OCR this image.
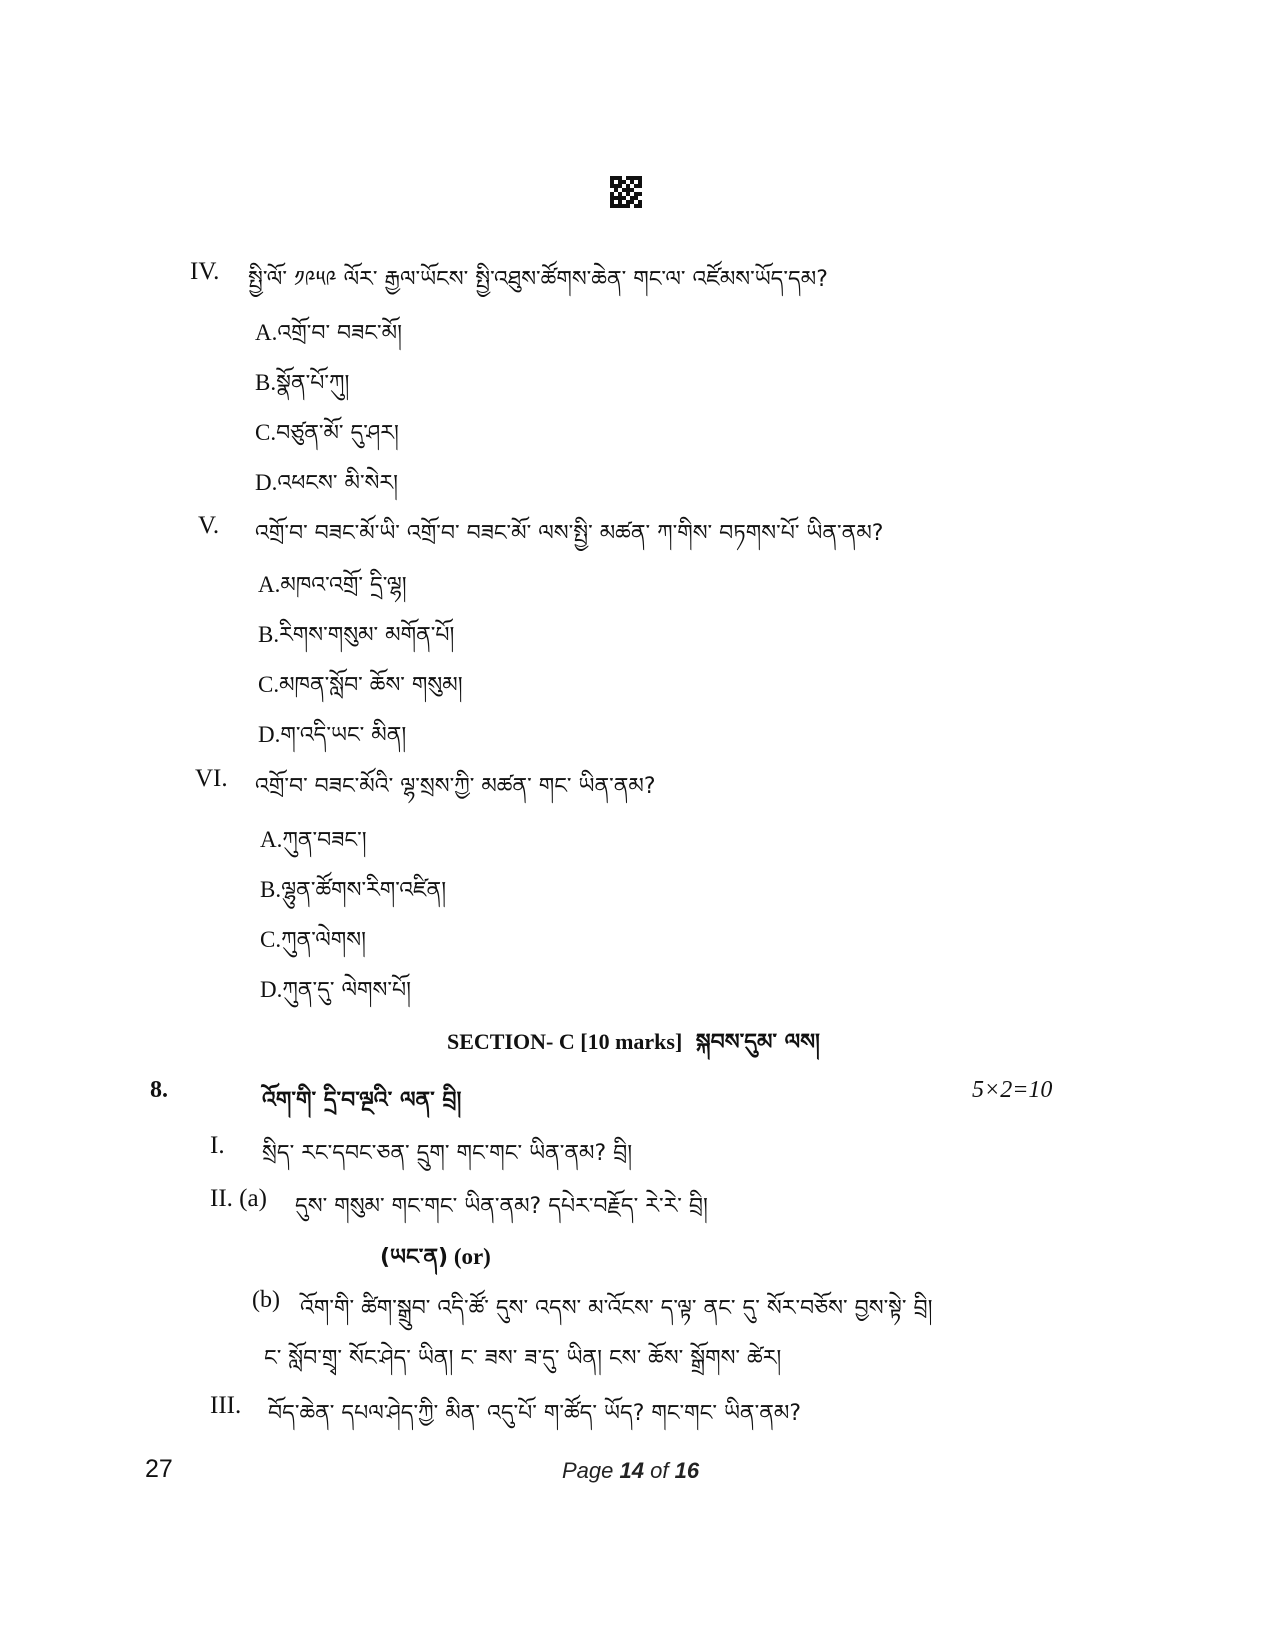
IV. སྤྱི་ལོ་ ༡༩༥༩ ལོར་ རྒྱལ་ཡོངས་ སྤྱི་འཐུས་ཚོགས་ཆེན་ གང་ལ་ འཛོམས་ཡོད་དམ?
A.འགྲོ་བ་ བཟང་མོ།
B.སྣོན་པོ་ཀུ།
C.བཙུན་མོ་ དུ་ཤར།
D.འཕངས་ མི་སེར།
V. འགྲོ་བ་ བཟང་མོ་ཡི་ འགྲོ་བ་ བཟང་མོ་ ལས་སྤྱི་ མཚན་ ཀ་གིས་ བཏགས་པོ་ ཡིན་ནམ?
A.མཁའ་འགྲོ་ དྲི་ལྷ།
B.རིགས་གསུམ་ མགོན་པོ།
C.མཁན་སློབ་ ཆོས་ གསུམ།
D.ག་འདི་ཡང་ མིན།
VI. འགྲོ་བ་ བཟང་མོའི་ ལྷ་སྲས་ཀྱི་ མཚན་ གང་ ཡིན་ནམ?
A.ཀུན་བཟང་།
B.ལྷུན་ཚོགས་རིག་འཛིན།
C.ཀུན་ལེགས།
D.ཀུན་དུ་ ལེགས་པོ།
SECTION- C [10 marks] སྐབས་དུམ་ ལས།
8.	འོག་གི་ དྲི་བ་ལྔའི་ ལན་ བྲི།	5×2=10
I. སྲིད་ རང་དབང་ཅན་ དྲུག་ གང་གང་ ཡིན་ནམ? བྲི།
II. (a) དུས་ གསུམ་ གང་གང་ ཡིན་ནམ? དཔེར་བརྗོད་ རེ་རེ་ བྲི།
(ཡང་ན) (or)
(b) འོག་གི་ ཚིག་སྒྲུབ་ འདི་ཚོ་ དུས་ འདས་ མ་འོངས་ ད་ལྟ་ ནང་ དུ་ སོར་བཅོས་ བྱས་སྟེ་ བྲི།
ང་ སློབ་གྲྭ་ སོང་ཤེད་ ཡིན། ང་ ཟས་ ཟ་དུ་ ཡིན། ངས་ ཆོས་ སྒྲོགས་ ཚེར།
III. བོད་ཆེན་ དཔལ་ཤེད་ཀྱི་ མིན་ འདུ་པོ་ ག་ཚོད་ ཡོད? གང་གང་ ཡིན་ནམ?
27	Page 14 of 16
